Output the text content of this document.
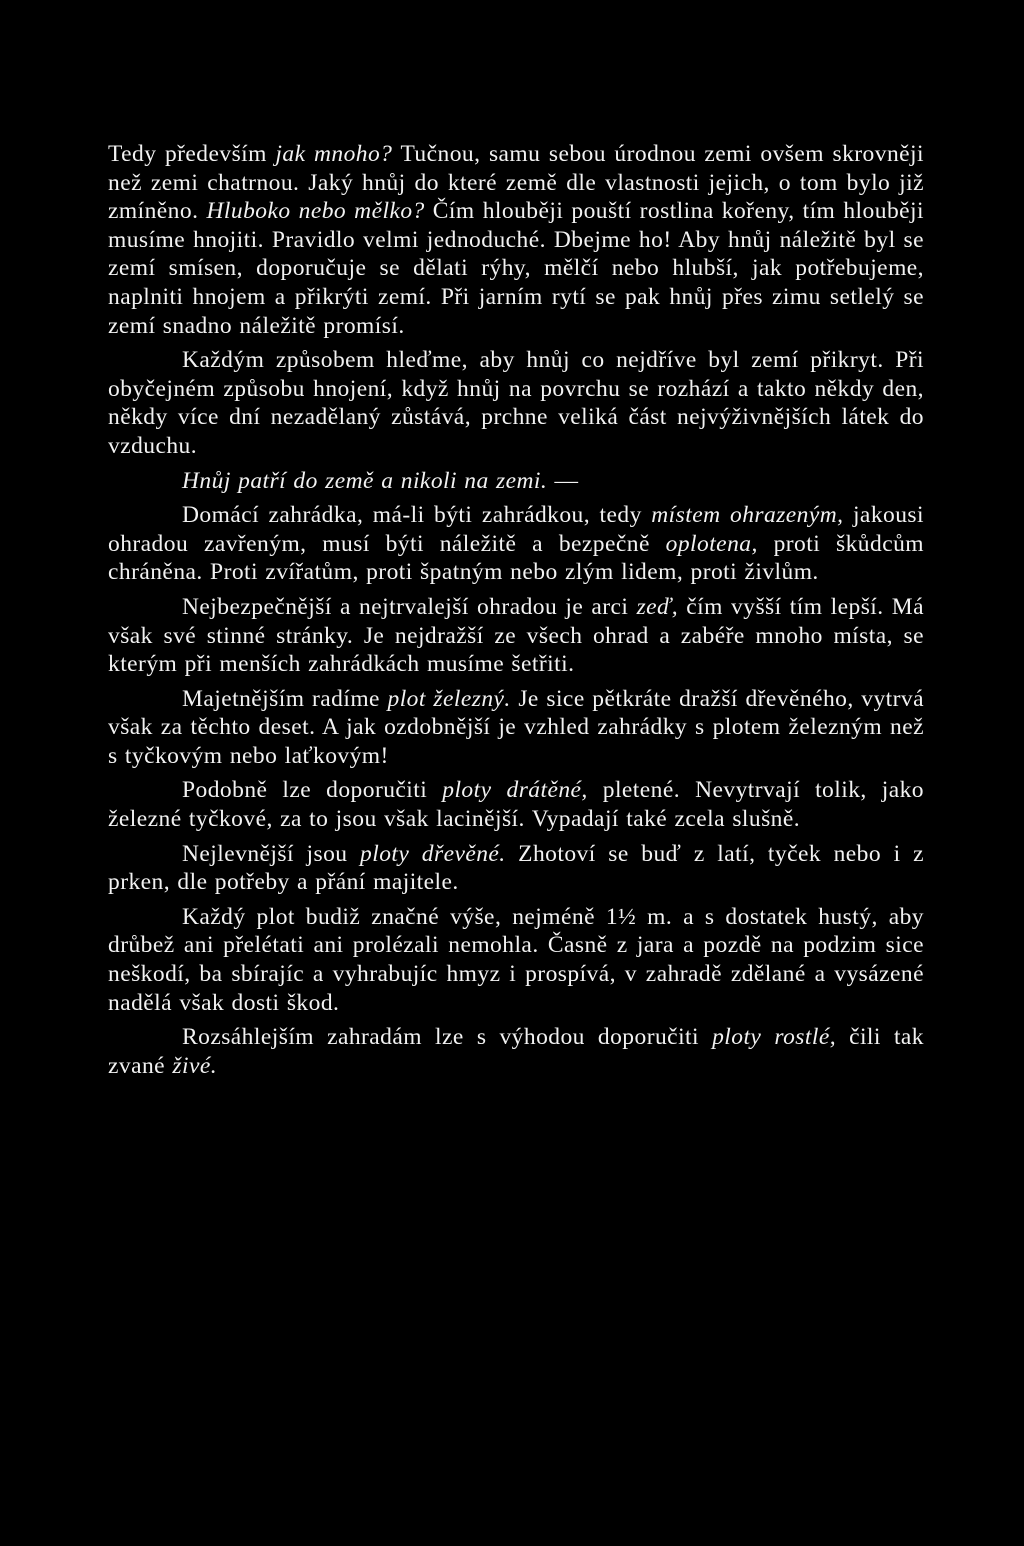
Tedy především jak mnoho? Tučnou, samu sebou úrodnou zemi ovšem skrovněji než zemi chatrnou. Jaký hnůj do které země dle vlastnosti jejich, o tom bylo již zmíněno. Hluboko nebo mělko? Čím hlouběji pouští rostlina kořeny, tím hlouběji musíme hnojiti. Pravidlo velmi jednoduché. Dbejme ho! Aby hnůj náležitě byl se zemí smísen, doporučuje se dělati rýhy, mělčí nebo hlubší, jak potřebujeme, naplniti hnojem a přikrýti zemí. Při jarním rytí se pak hnůj přes zimu setlelý se zemí snadno náležitě promísí.

Každým způsobem hleďme, aby hnůj co nejdříve byl zemí přikryt. Při obyčejném způsobu hnojení, když hnůj na povrchu se rozhází a takto někdy den, někdy více dní nezadělaný zůstává, prchne veliká část nejvýživnějších látek do vzduchu.

Hnůj patří do země a nikoli na zemi. —

Domácí zahrádka, má-li býti zahrádkou, tedy místem ohrazeným, jakousi ohradou zavřeným, musí býti náležitě a bezpečně oplotena, proti škůdcům chráněna. Proti zvířatům, proti špatným nebo zlým lidem, proti živlům.

Nejbezpečnější a nejtrvalejší ohradou je arci zeď, čím vyšší tím lepší. Má však své stinné stránky. Je nejdražší ze všech ohrad a zabéře mnoho místa, se kterým při menších zahrádkách musíme šetřiti.

Majetnějším radíme plot železný. Je sice pětkráte dražší dřevěného, vytrvá však za těchto deset. A jak ozdobnější je vzhled zahrádky s plotem železným než s tyčkovým nebo laťkovým!

Podobně lze doporučiti ploty drátěné, pletené. Nevytrvají tolik, jako železné tyčkové, za to jsou však lacinější. Vypadají také zcela slušně.

Nejlevnější jsou ploty dřevěné. Zhotoví se buď z latí, tyček nebo i z prken, dle potřeby a přání majitele.

Každý plot budiž značné výše, nejméně 1½ m. a s dostatek hustý, aby drůbež ani přelétati ani prolézali nemohla. Časně z jara a pozdě na podzim sice neškodí, ba sbírajíc a vyhrabujíc hmyz i prospívá, v zahradě zdělané a vysázené nadělá však dosti škod.

Rozsáhlejším zahradám lze s výhodou doporučiti ploty rostlé, čili tak zvané živé.
